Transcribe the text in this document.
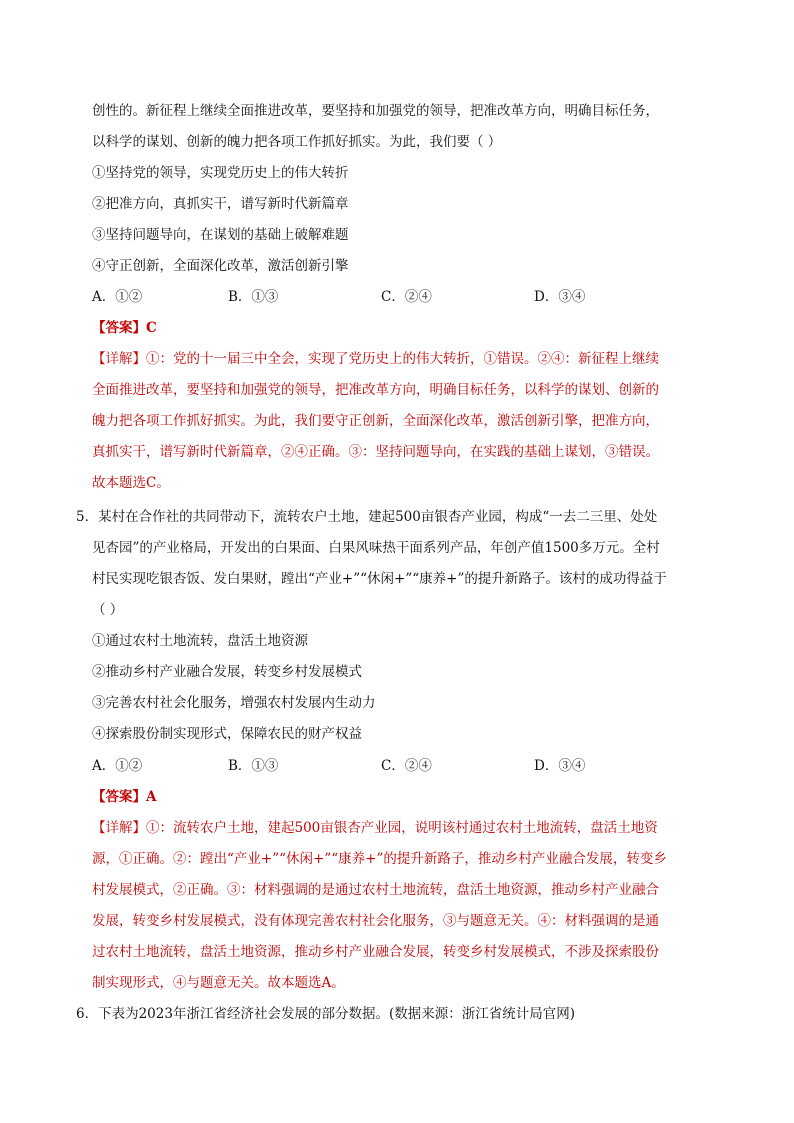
创性的。新征程上继续全面推进改革，要坚持和加强党的领导，把准改革方向，明确目标任务，
以科学的谋划、创新的魄力把各项工作抓好抓实。为此，我们要（ ）
①坚持党的领导，实现党历史上的伟大转折
②把准方向，真抓实干，谱写新时代新篇章
③坚持问题导向，在谋划的基础上破解难题
④守正创新，全面深化改革，激活创新引擎
A．①②	B．①③	C．②④	D．③④
【答案】C
【详解】①：党的十一届三中全会，实现了党历史上的伟大转折，①错误。②④：新征程上继续
全面推进改革，要坚持和加强党的领导，把准改革方向，明确目标任务，以科学的谋划、创新的
魄力把各项工作抓好抓实。为此，我们要守正创新，全面深化改革，激活创新引擎，把准方向，
真抓实干，谱写新时代新篇章，②④正确。③：坚持问题导向，在实践的基础上谋划，③错误。
故本题选C。
5．某村在合作社的共同带动下，流转农户土地，建起500亩银杏产业园，构成“一去二三里、处处
见杏园”的产业格局，开发出的白果面、白果风味热干面系列产品，年创产值1500多万元。全村
村民实现吃银杏饭、发白果财，蹚出“产业+”“休闲+”“康养+”的提升新路子。该村的成功得益于
（ ）
①通过农村土地流转，盘活土地资源
②推动乡村产业融合发展，转变乡村发展模式
③完善农村社会化服务，增强农村发展内生动力
④探索股份制实现形式，保障农民的财产权益
A．①②	B．①③	C．②④	D．③④
【答案】A
【详解】①：流转农户土地，建起500亩银杏产业园，说明该村通过农村土地流转，盘活土地资
源，①正确。②：蹚出“产业+”“休闲+”“康养+”的提升新路子，推动乡村产业融合发展，转变乡
村发展模式，②正确。③：材料强调的是通过农村土地流转，盘活土地资源，推动乡村产业融合
发展，转变乡村发展模式，没有体现完善农村社会化服务，③与题意无关。④：材料强调的是通
过农村土地流转，盘活土地资源，推动乡村产业融合发展，转变乡村发展模式，不涉及探索股份
制实现形式，④与题意无关。故本题选A。
6．下表为2023年浙江省经济社会发展的部分数据。(数据来源：浙江省统计局官网)
